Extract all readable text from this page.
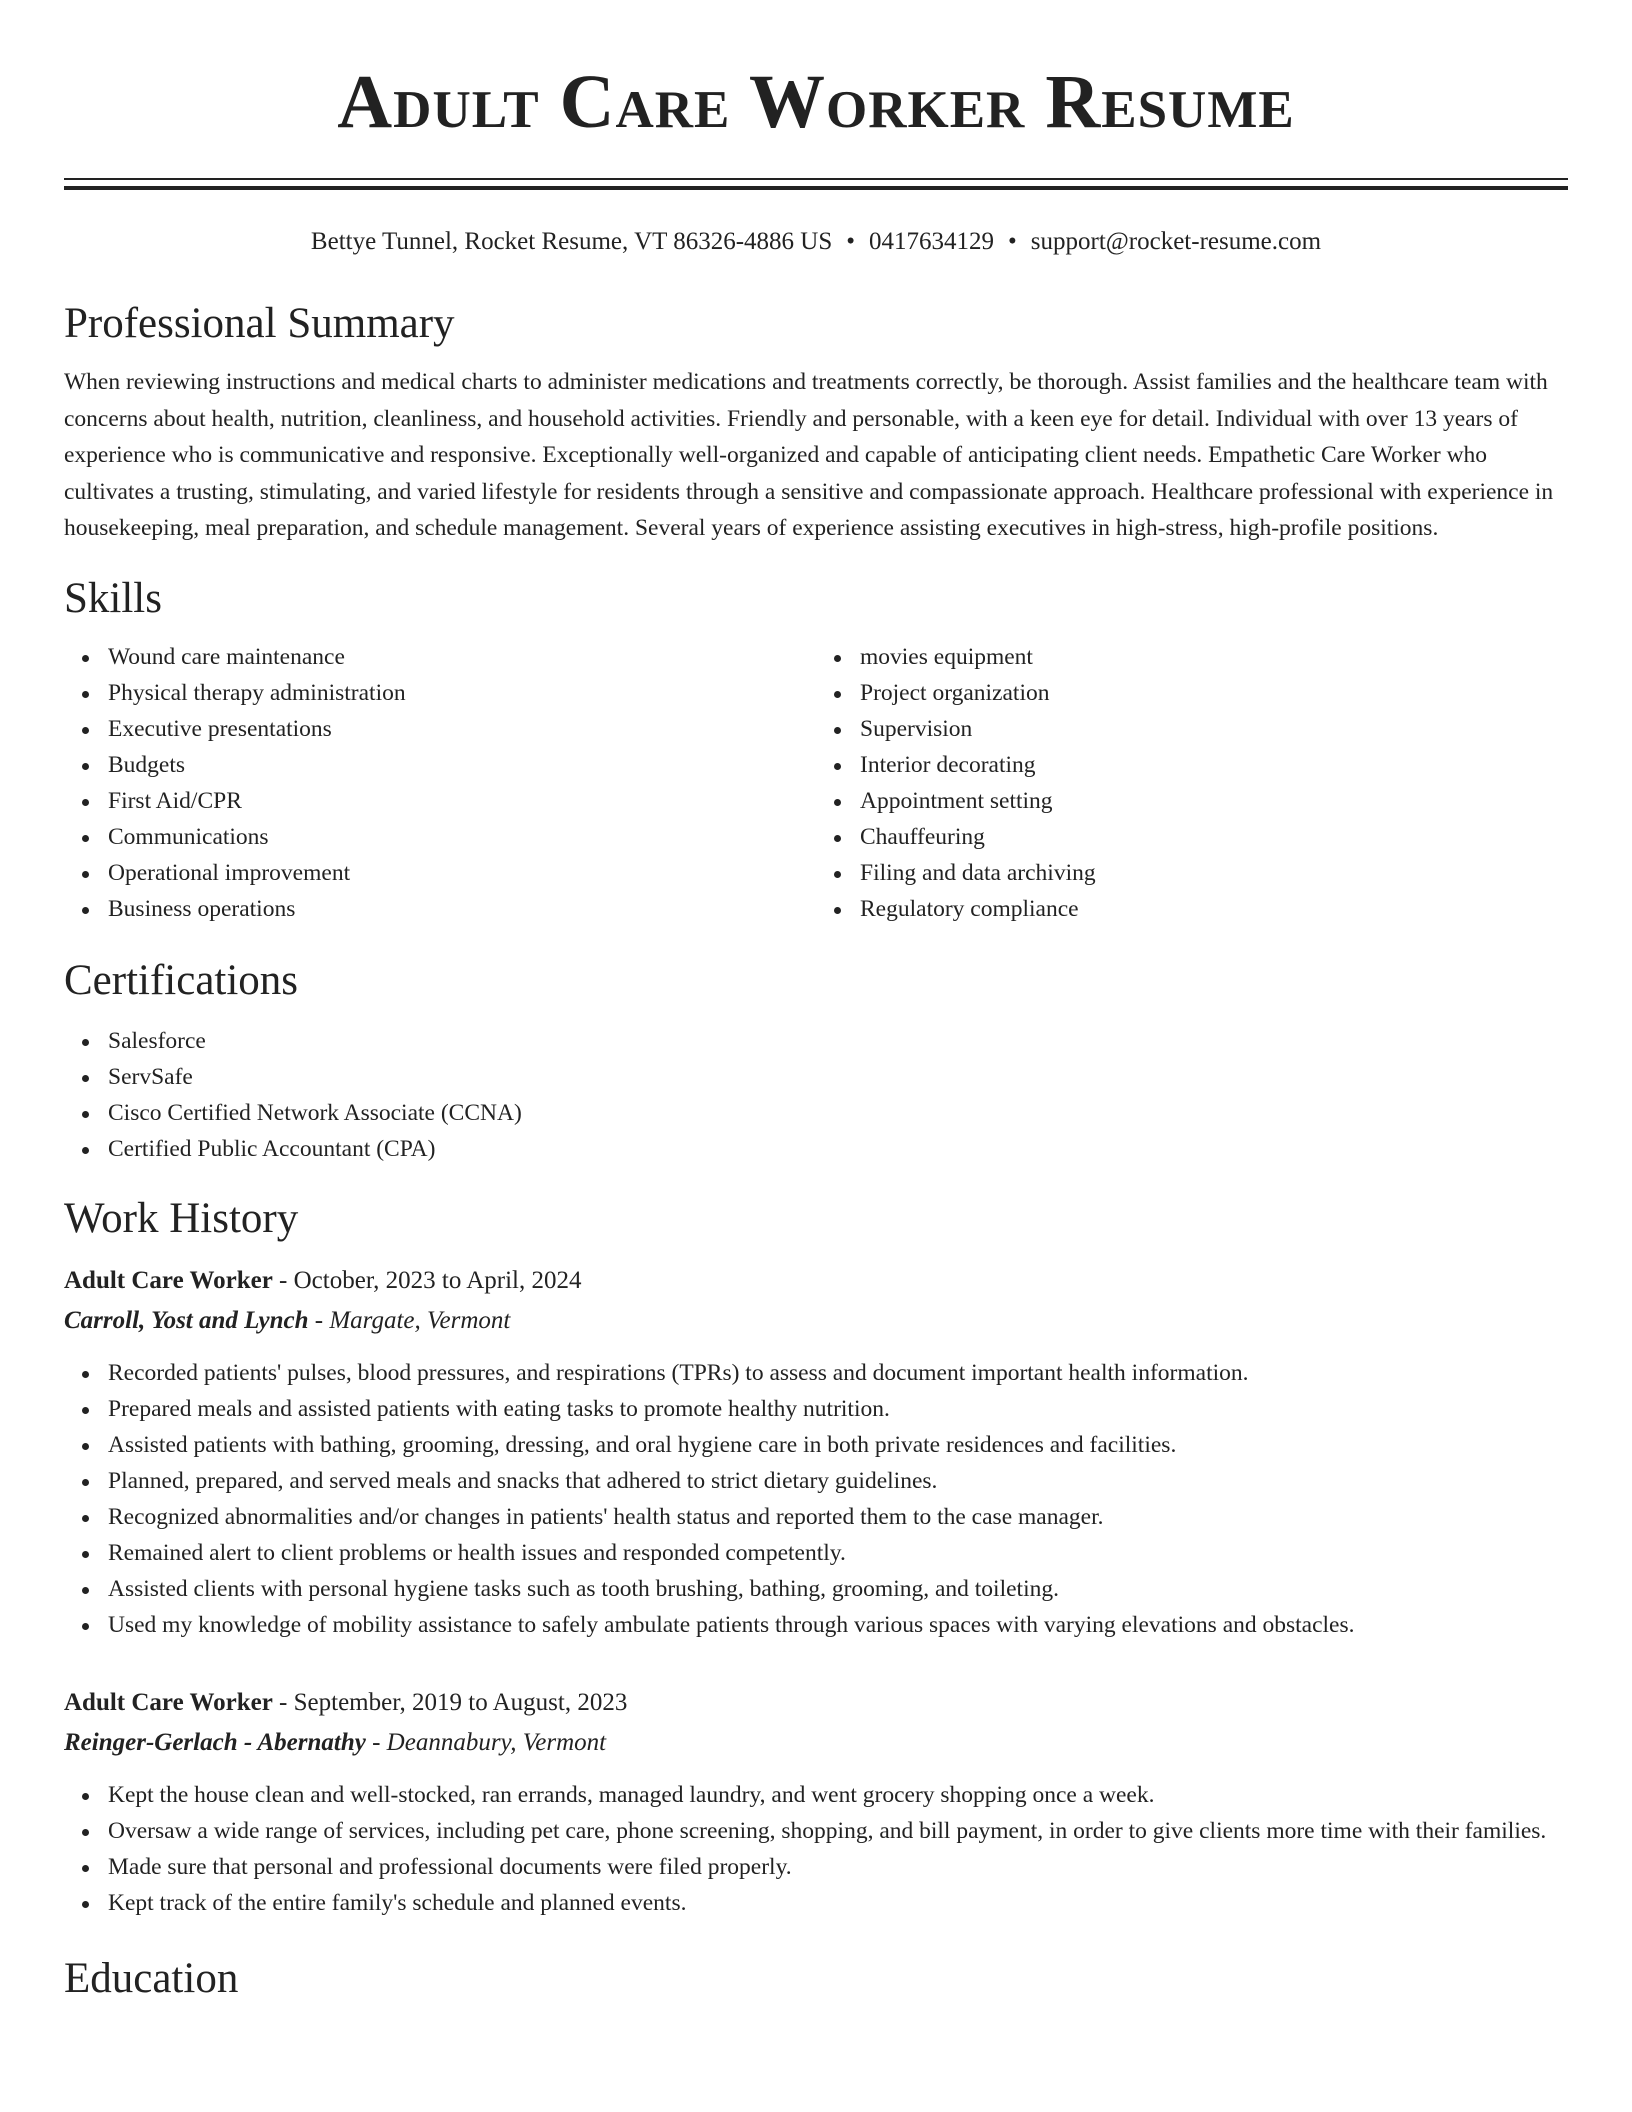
Adult Care Worker Resume
Bettye Tunnel, Rocket Resume, VT 86326-4886 US • 0417634129 • support@rocket-resume.com
Professional Summary

When reviewing instructions and medical charts to administer medications and treatments correctly, be thorough. Assist families and the healthcare team with concerns about health, nutrition, cleanliness, and household activities. Friendly and personable, with a keen eye for detail. Individual with over 13 years of experience who is communicative and responsive. Exceptionally well-organized and capable of anticipating client needs. Empathetic Care Worker who cultivates a trusting, stimulating, and varied lifestyle for residents through a sensitive and compassionate approach. Healthcare professional with experience in housekeeping, meal preparation, and schedule management. Several years of experience assisting executives in high-stress, high-profile positions.

Skills
Wound care maintenance
Physical therapy administration
Executive presentations
Budgets
First Aid/CPR
Communications
Operational improvement
Business operations
movies equipment
Project organization
Supervision
Interior decorating
Appointment setting
Chauffeuring
Filing and data archiving
Regulatory compliance
Certifications
Salesforce
ServSafe
Cisco Certified Network Associate (CCNA)
Certified Public Accountant (CPA)
Work History
Adult Care Worker - October, 2023 to April, 2024
Carroll, Yost and Lynch - Margate, Vermont
Recorded patients' pulses, blood pressures, and respirations (TPRs) to assess and document important health information.
Prepared meals and assisted patients with eating tasks to promote healthy nutrition.
Assisted patients with bathing, grooming, dressing, and oral hygiene care in both private residences and facilities.
Planned, prepared, and served meals and snacks that adhered to strict dietary guidelines.
Recognized abnormalities and/or changes in patients' health status and reported them to the case manager.
Remained alert to client problems or health issues and responded competently.
Assisted clients with personal hygiene tasks such as tooth brushing, bathing, grooming, and toileting.
Used my knowledge of mobility assistance to safely ambulate patients through various spaces with varying elevations and obstacles.
Adult Care Worker - September, 2019 to August, 2023
Reinger-Gerlach - Abernathy - Deannabury, Vermont
Kept the house clean and well-stocked, ran errands, managed laundry, and went grocery shopping once a week.
Oversaw a wide range of services, including pet care, phone screening, shopping, and bill payment, in order to give clients more time with their families.
Made sure that personal and professional documents were filed properly.
Kept track of the entire family's schedule and planned events.
Education
